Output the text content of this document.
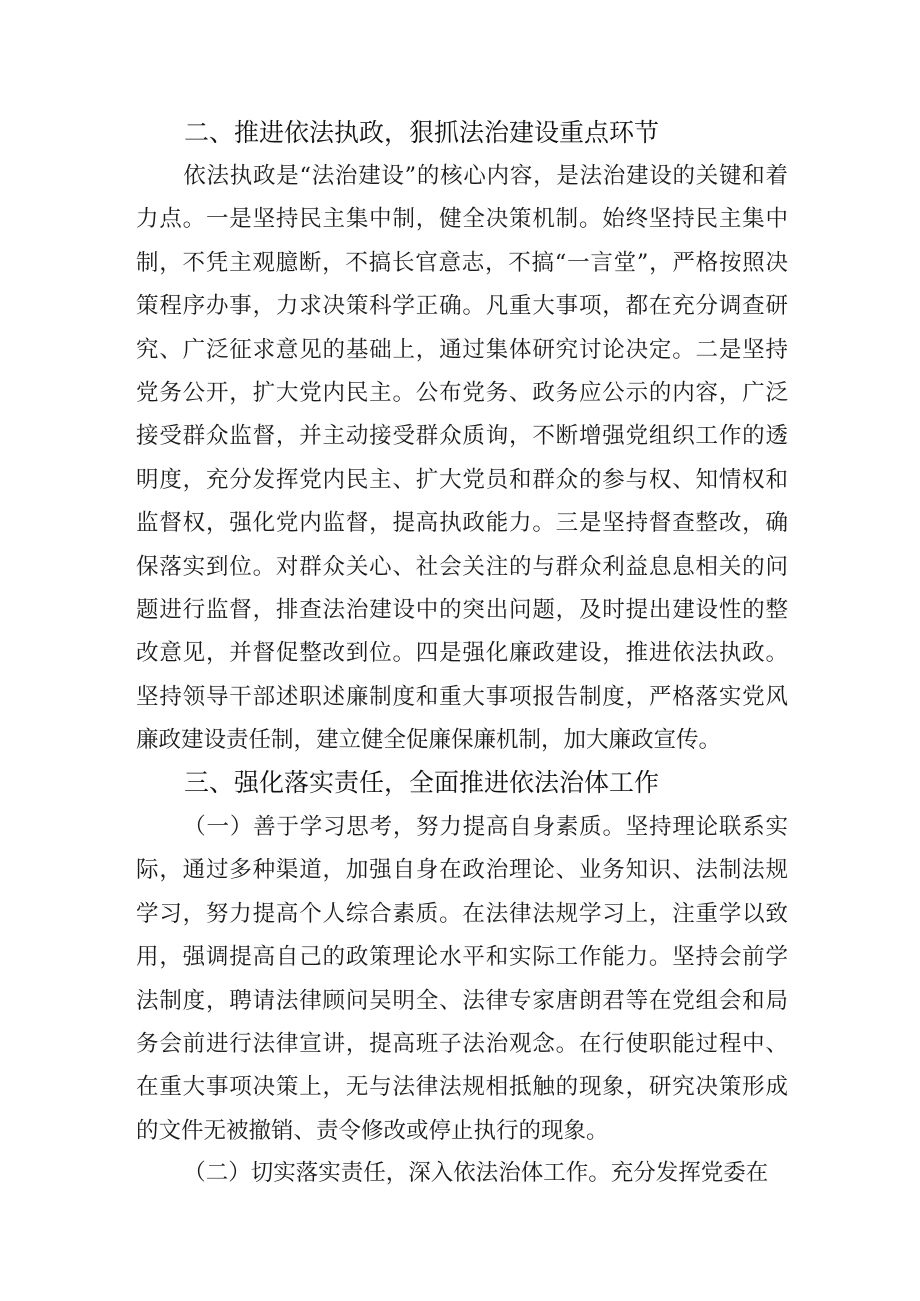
二、推进依法执政，狠抓法治建设重点环节

依法执政是“法治建设”的核心内容，是法治建设的关键和着力点。一是坚持民主集中制，健全决策机制。始终坚持民主集中制，不凭主观臆断，不搞长官意志，不搞“一言堂”，严格按照决策程序办事，力求决策科学正确。凡重大事项，都在充分调查研究、广泛征求意见的基础上，通过集体研究讨论决定。二是坚持党务公开，扩大党内民主。公布党务、政务应公示的内容，广泛接受群众监督，并主动接受群众质询，不断增强党组织工作的透明度，充分发挥党内民主、扩大党员和群众的参与权、知情权和监督权，强化党内监督，提高执政能力。三是坚持督查整改，确保落实到位。对群众关心、社会关注的与群众利益息息相关的问题进行监督，排查法治建设中的突出问题，及时提出建设性的整改意见，并督促整改到位。四是强化廉政建设，推进依法执政。坚持领导干部述职述廉制度和重大事项报告制度，严格落实党风廉政建设责任制，建立健全促廉保廉机制，加大廉政宣传。

三、强化落实责任，全面推进依法治体工作

（一）善于学习思考，努力提高自身素质。坚持理论联系实际，通过多种渠道，加强自身在政治理论、业务知识、法制法规学习，努力提高个人综合素质。在法律法规学习上，注重学以致用，强调提高自己的政策理论水平和实际工作能力。坚持会前学法制度，聘请法律顾问吴明全、法律专家唐朗君等在党组会和局务会前进行法律宣讲，提高班子法治观念。在行使职能过程中、在重大事项决策上，无与法律法规相抵触的现象，研究决策形成的文件无被撤销、责令修改或停止执行的现象。

（二）切实落实责任，深入依法治体工作。充分发挥党委在
